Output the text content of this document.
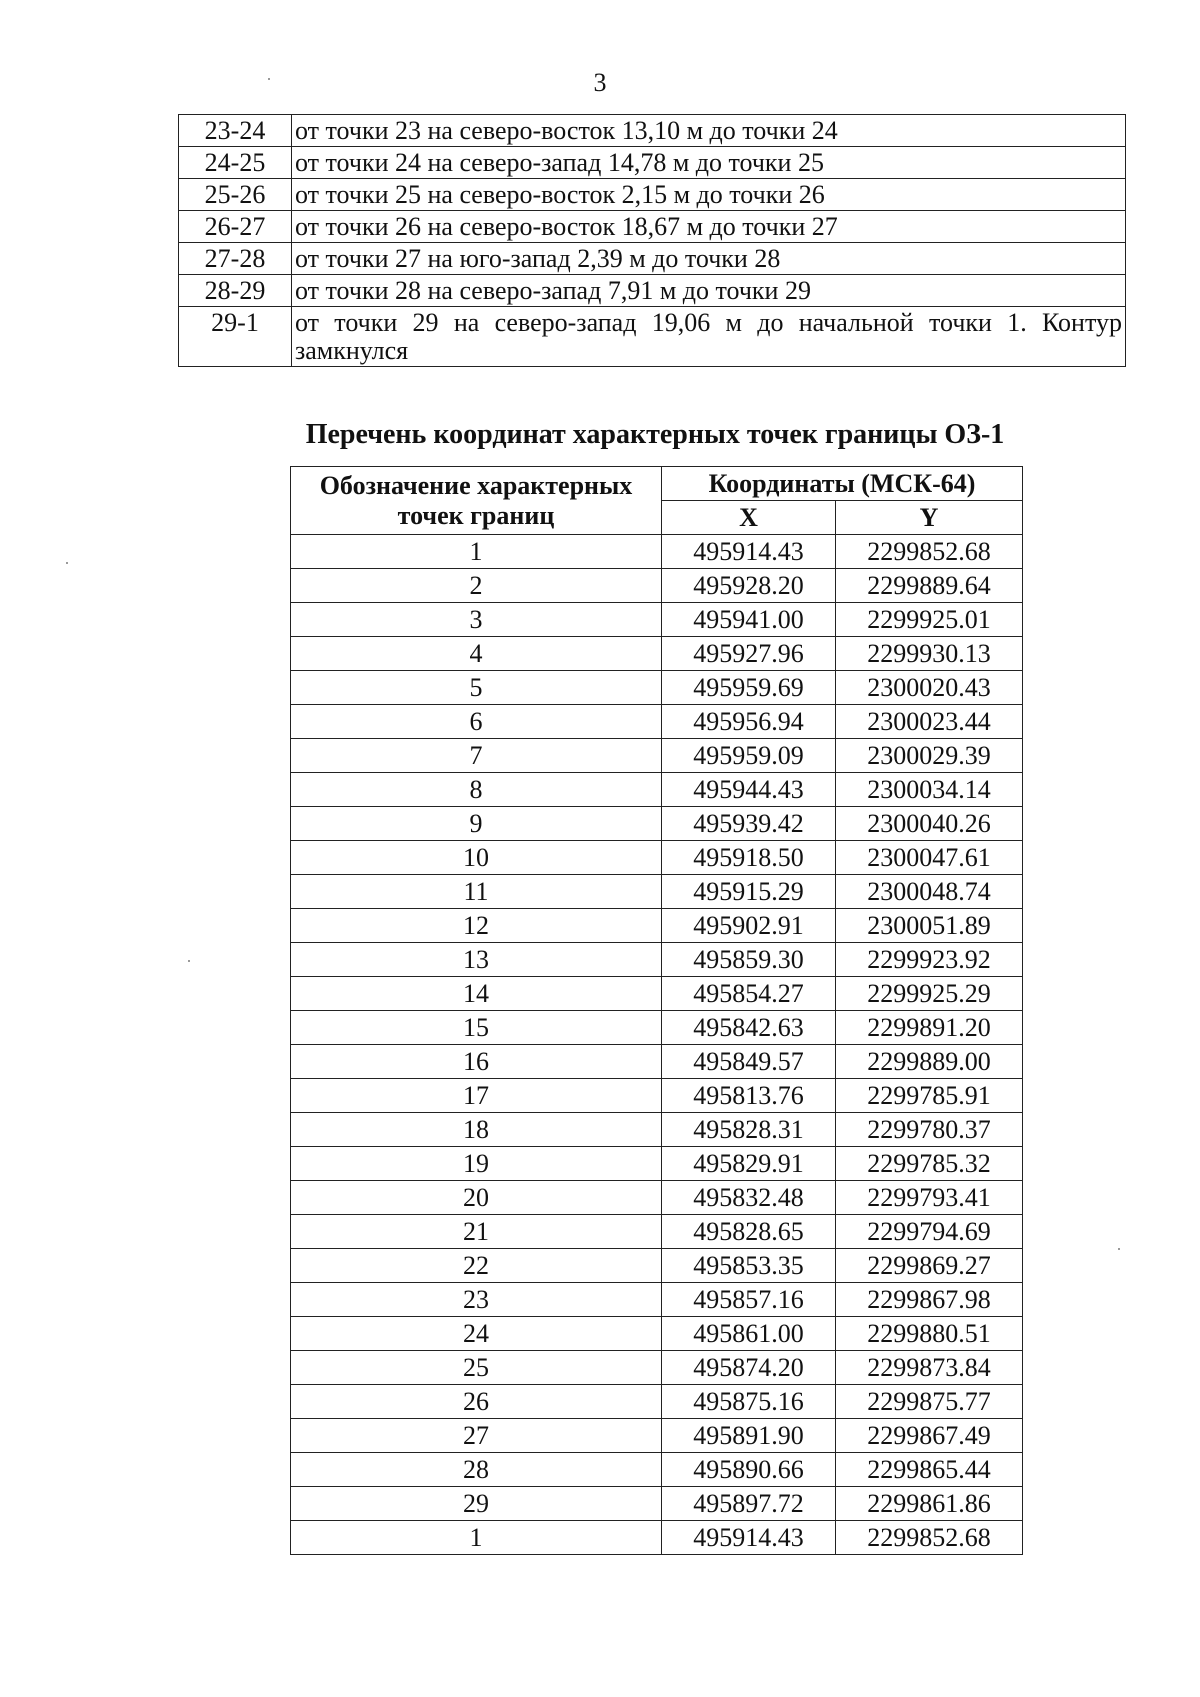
3
23-24	от точки 23 на северо-восток 13,10 м до точки 24
24-25	от точки 24 на северо-запад 14,78 м до точки 25
25-26	от точки 25 на северо-восток 2,15 м до точки 26
26-27	от точки 26 на северо-восток 18,67 м до точки 27
27-28	от точки 27 на юго-запад 2,39 м до точки 28
28-29	от точки 28 на северо-запад 7,91 м до точки 29
29-1	от точки 29 на северо-запад 19,06 м до начальной точки 1. Контур замкнулся
Перечень координат характерных точек границы ОЗ-1
Обозначение характерных точек границ	Координаты (МСК-64)	
	X	Y
1	495914.43	2299852.68
2	495928.20	2299889.64
3	495941.00	2299925.01
4	495927.96	2299930.13
5	495959.69	2300020.43
6	495956.94	2300023.44
7	495959.09	2300029.39
8	495944.43	2300034.14
9	495939.42	2300040.26
10	495918.50	2300047.61
11	495915.29	2300048.74
12	495902.91	2300051.89
13	495859.30	2299923.92
14	495854.27	2299925.29
15	495842.63	2299891.20
16	495849.57	2299889.00
17	495813.76	2299785.91
18	495828.31	2299780.37
19	495829.91	2299785.32
20	495832.48	2299793.41
21	495828.65	2299794.69
22	495853.35	2299869.27
23	495857.16	2299867.98
24	495861.00	2299880.51
25	495874.20	2299873.84
26	495875.16	2299875.77
27	495891.90	2299867.49
28	495890.66	2299865.44
29	495897.72	2299861.86
1	495914.43	2299852.68
